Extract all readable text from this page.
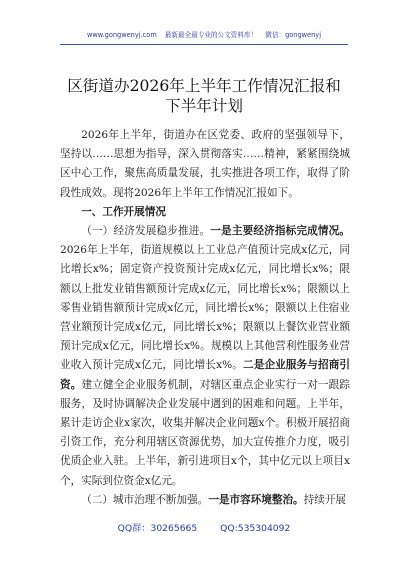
www.gongwenyj.com 最新最全最专业的公文资料库！ 微信：gongwenyj
区街道办2026年上半年工作情况汇报和下半年计划

2026年上半年，街道办在区党委、政府的坚强领导下，坚持以……思想为指导，深入贯彻落实……精神，紧紧围绕城区中心工作，聚焦高质量发展，扎实推进各项工作，取得了阶段性成效。现将2026年上半年工作情况汇报如下。

一、工作开展情况

（一）经济发展稳步推进。一是主要经济指标完成情况。2026年上半年，街道规模以上工业总产值预计完成x亿元，同比增长x%；固定资产投资预计完成x亿元，同比增长x%；限额以上批发业销售额预计完成x亿元，同比增长x%；限额以上零售业销售额预计完成x亿元，同比增长x%；限额以上住宿业营业额预计完成x亿元，同比增长x%；限额以上餐饮业营业额预计完成x亿元，同比增长x%。规模以上其他营利性服务业营业收入预计完成x亿元，同比增长x%。二是企业服务与招商引资。建立健全企业服务机制，对辖区重点企业实行一对一跟踪服务，及时协调解决企业发展中遇到的困难和问题。上半年，累计走访企业x家次，收集并解决企业问题x个。积极开展招商引资工作，充分利用辖区资源优势，加大宣传推介力度，吸引优质企业入驻。上半年，新引进项目x个，其中亿元以上项目x个，实际到位资金x亿元。

（二）城市治理不断加强。一是市容环境整治。持续开展

QQ群：30265665 QQ:535304092
